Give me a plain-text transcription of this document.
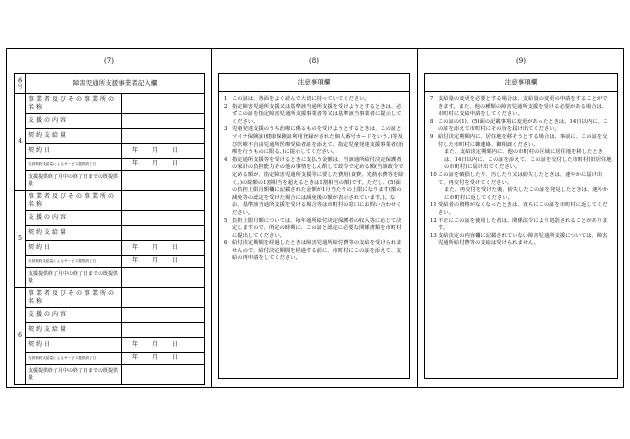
(7)	(8)	(9)
番号	障害児通所支援事業者記入欄	
4	事業者及びその事業所の名称	
	支援の内容	
	契約支給量	
	契約日	年 月 日
	当該契約支給量によるサービス提供終了日	年 月 日
	支援提供終了月中の終了日までの既提供量	
5	事業者及びその事業所の名称	
	支援の内容	
	契約支給量	
	契約日	年 月 日
	当該契約支給量によるサービス提供終了日	年 月 日
	支援提供終了月中の終了日までの既提供量	
6	事業者及びその事業所の名称	
	支援の内容	
	契約支給量	
	契約日	年 月 日
	当該契約支給量によるサービス提供終了日	年 月 日
	支援提供終了月中の終了日までの既提供量	
注意事項欄
1 この証は、各面をよく読んで大切に持っていてください。
2 指定障害児通所支援又は基準該当通所支援を受けようとするときは、必ずこの証を指定障害児通所支援事業者等又は基準該当事業者に提示してください。
3 児童発達支援のうち治療に係るものを受けようとするときは、この証とマイナ保険証(健康保険証利用登録がされた個人番号カードをいう。)等及び医療不自由児通所医療受給者証を添えて、指定児童発達支援事業者(治療を行うものに限る。)に提示してください。
4 指定通所支援等を受けるときに支払う金額は、当該通所給付決定保護者の家計の負担能力その他の事情をしん酌して政令で定める額(当該政令で定める額が、指定障害児通所支援等に要した費用(食費、光熱水費等を除く。)の総額の1割相当を超えるときは1割相当の額)です。ただし、(5)面の負担上限月額欄に記載された金額が1月当たりの上限になります(額の減免等の認定を受けた場合には減免後の額が表示されています。)。なお、基準該当通所支援を受ける場合等は市町村の窓口にお問い合わせください。
5 負担上限月額については、毎年通所給付決定保護者の収入等に応じて決定しますので、所定の時期に、この証と認定に必要な関係書類を市町村に提出してください。
6 給付決定期間を経過したときは障害児通所給付費等の支給を受けられませんので、給付決定期間を経過する前に、市町村にこの証を添えて、支給の再申請をしてください。
注意事項欄
7 支給量の変更を必要とする場合は、支給量の変更の申請をすることができます。また、他の種類の障害児通所支援を受ける必要がある場合は、市町村に支給申請をしてください。
8 この証の(1)、(5)面の記載事項に変更があったときは、14日以内に、この証を添えて市町村にその旨を届け出てください。
9 給付決定期間内に、居住地を移そうとする場合は、事前に、この証を交付した市町村に御連絡、御相談ください。
また、支給決定期間内に、他の市町村の区域に居住地を移したときは、14日以内に、この証を添えて、この証を交付した市町村(旧居住地の市町村)に届け出てください。
10 この証を破損したり、汚したり又は紛失したときは、速やかに届け出て、再交付を受けてください。
また、再交付を受けた後、紛失したこの証を発見したときは、速やかに市町村に返してください。
11 受給者の資格がなくなったときは、直ちにこの証を市町村に返してください。
12 不正にこの証を使用した者は、関係法令により処罰されることがあります。
13 支給決定の内容欄に記載されていない障害児通所支援については、障害児通所給付費等の支給は受けられません。
